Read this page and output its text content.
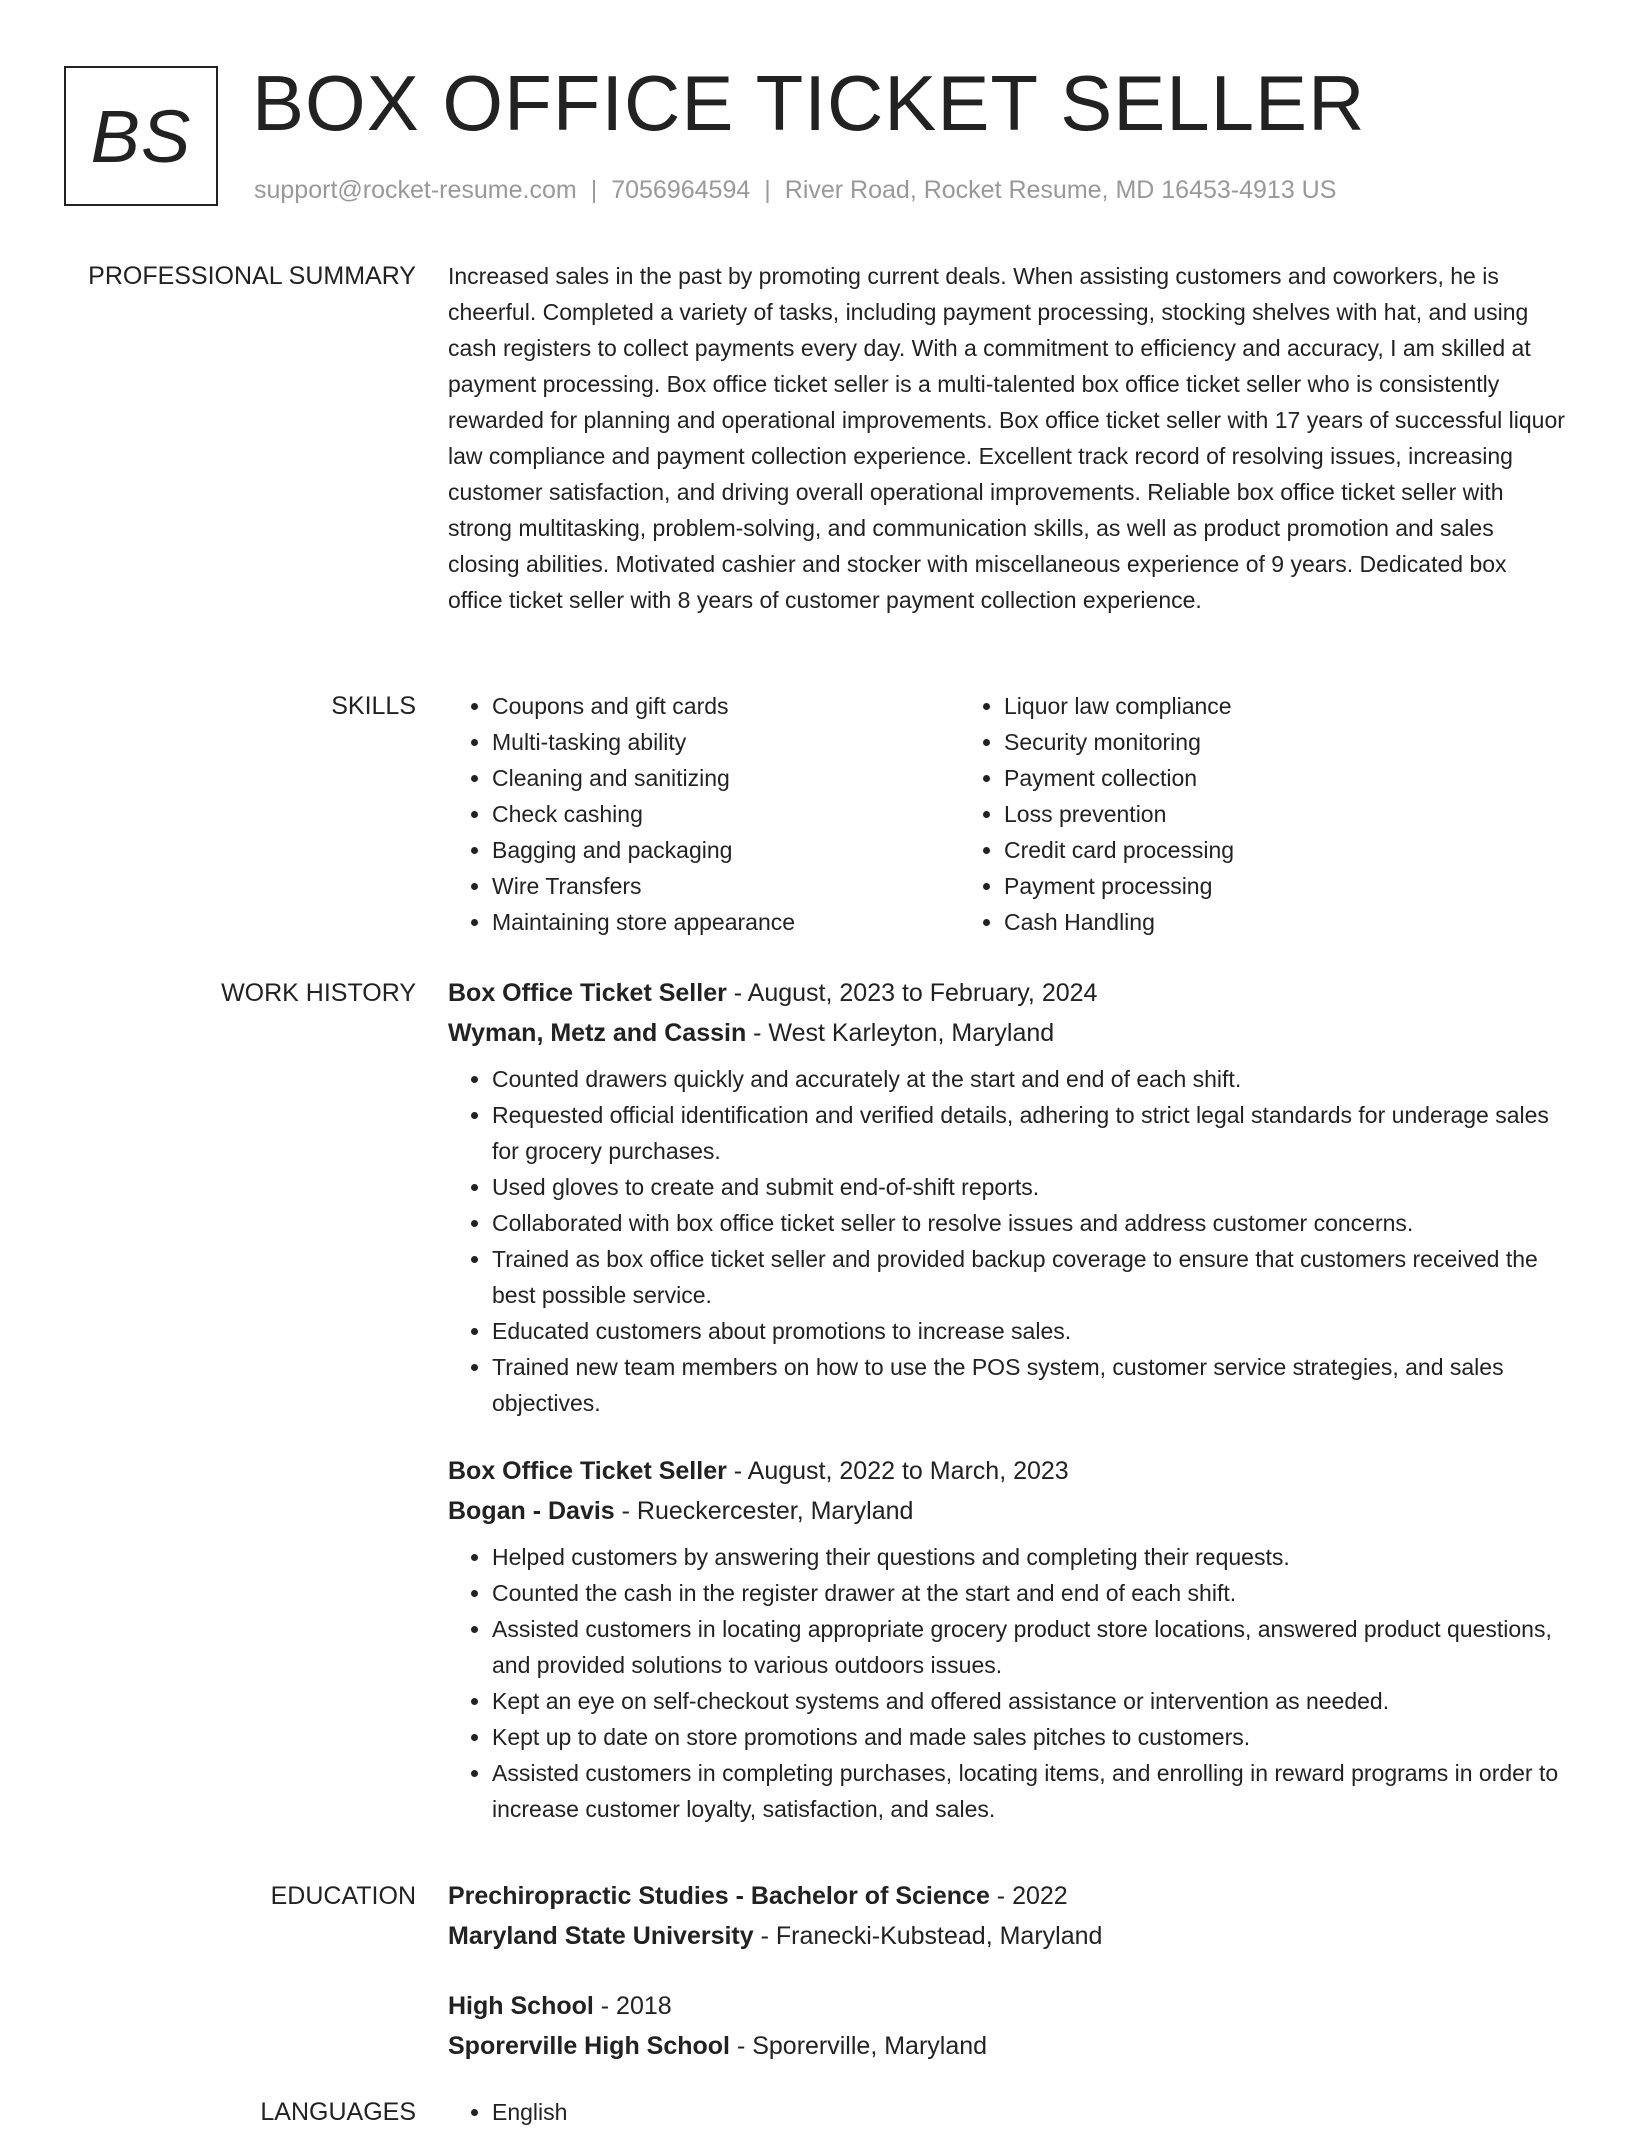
BS BOX OFFICE TICKET SELLER
support@rocket-resume.com | 7056964594 | River Road, Rocket Resume, MD 16453-4913 US
PROFESSIONAL SUMMARY Increased sales in the past by promoting current deals. When assisting customers and coworkers, he is cheerful. Completed a variety of tasks, including payment processing, stocking shelves with hat, and using cash registers to collect payments every day. With a commitment to efficiency and accuracy, I am skilled at payment processing. Box office ticket seller is a multi-talented box office ticket seller who is consistently rewarded for planning and operational improvements. Box office ticket seller with 17 years of successful liquor law compliance and payment collection experience. Excellent track record of resolving issues, increasing customer satisfaction, and driving overall operational improvements. Reliable box office ticket seller with strong multitasking, problem-solving, and communication skills, as well as product promotion and sales closing abilities. Motivated cashier and stocker with miscellaneous experience of 9 years. Dedicated box office ticket seller with 8 years of customer payment collection experience.

SKILLS	• Coupons and gift cards
• Multi-tasking ability
• Cleaning and sanitizing
• Check cashing
• Bagging and packaging
• Wire Transfers
• Maintaining store appearance
• Liquor law compliance
• Security monitoring
• Payment collection
• Loss prevention
• Credit card processing
• Payment processing
• Cash Handling
WORK HISTORY Box Office Ticket Seller - August, 2023 to February, 2024
Wyman, Metz and Cassin - West Karleyton, Maryland
• Counted drawers quickly and accurately at the start and end of each shift.
• Requested official identification and verified details, adhering to strict legal standards for underage sales for grocery purchases.
• Used gloves to create and submit end-of-shift reports.
• Collaborated with box office ticket seller to resolve issues and address customer concerns.
• Trained as box office ticket seller and provided backup coverage to ensure that customers received the best possible service.
• Educated customers about promotions to increase sales.
• Trained new team members on how to use the POS system, customer service strategies, and sales objectives.
Box Office Ticket Seller - August, 2022 to March, 2023
Bogan - Davis - Rueckercester, Maryland
• Helped customers by answering their questions and completing their requests.
• Counted the cash in the register drawer at the start and end of each shift.
• Assisted customers in locating appropriate grocery product store locations, answered product questions, and provided solutions to various outdoors issues.
• Kept an eye on self-checkout systems and offered assistance or intervention as needed.
• Kept up to date on store promotions and made sales pitches to customers.
• Assisted customers in completing purchases, locating items, and enrolling in reward programs in order to increase customer loyalty, satisfaction, and sales.
EDUCATION Prechiropractic Studies - Bachelor of Science - 2022
Maryland State University - Franecki-Kubstead, Maryland
High School - 2018
Sporerville High School - Sporerville, Maryland
LANGUAGES	• English
